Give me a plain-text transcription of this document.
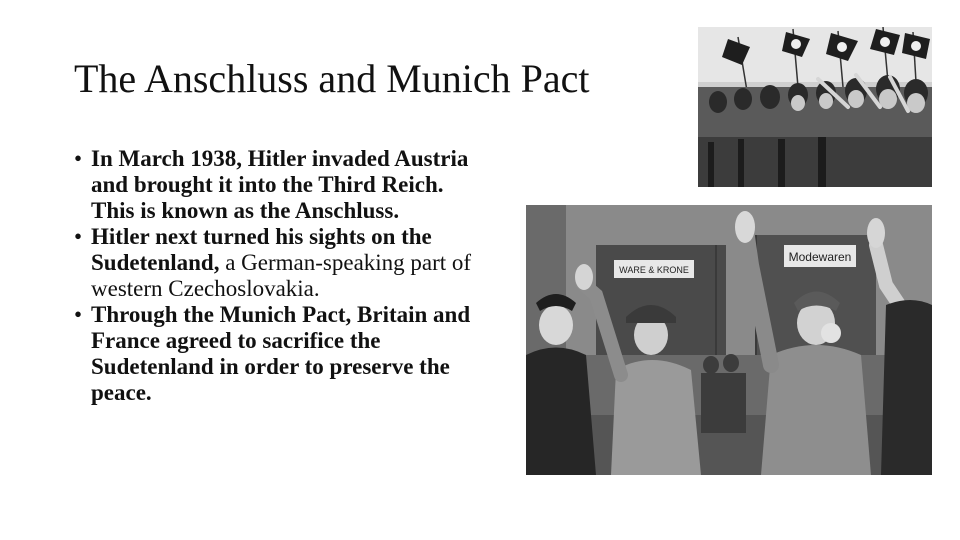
The Anschluss and Munich Pact
• In March 1938, Hitler invaded Austria and brought it into the Third Reich. This is known as the Anschluss.
• Hitler next turned his sights on the Sudetenland, a German-speaking part of western Czechoslovakia.
• Through the Munich Pact, Britain and France agreed to sacrifice the Sudetenland in order to preserve the peace.
WARE & KRONE
Modewaren
